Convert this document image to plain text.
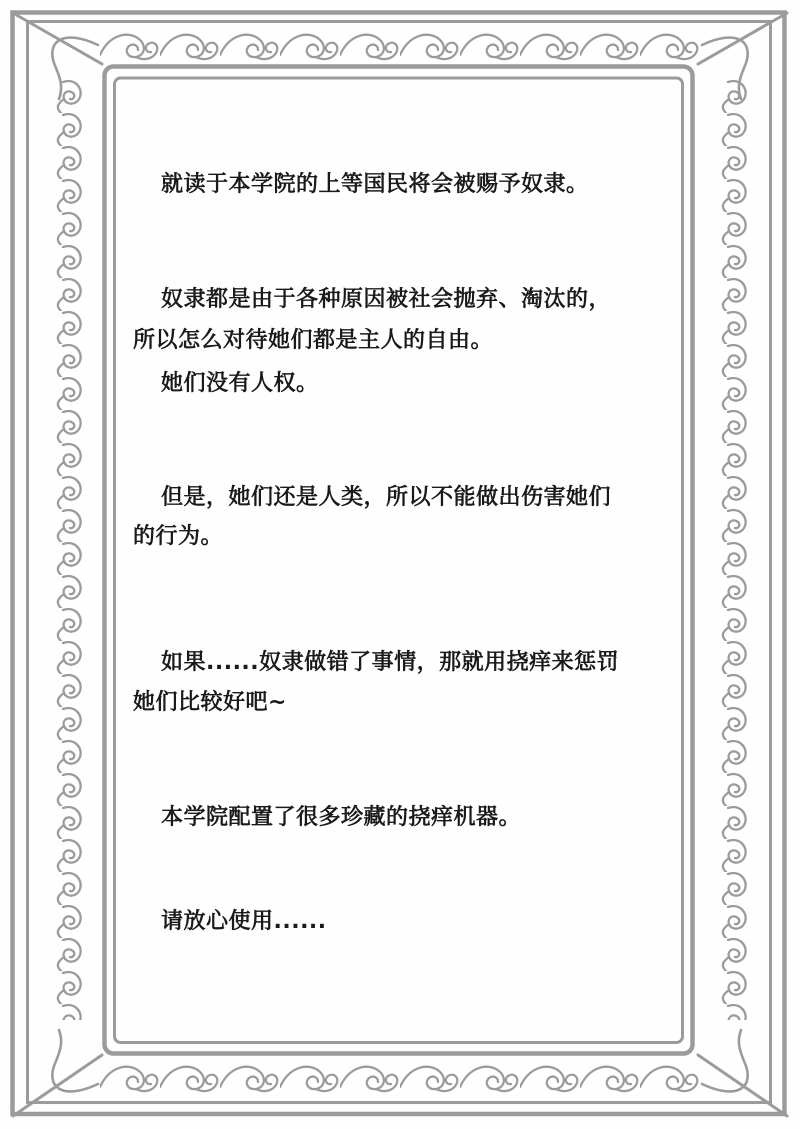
就读于本学院的上等国民将会被赐予奴隶。
奴隶都是由于各种原因被社会抛弃、淘汰的，
所以怎么对待她们都是主人的自由。
她们没有人权。
但是，她们还是人类，所以不能做出伤害她们
的行为。
如果......奴隶做错了事情，那就用挠痒来惩罚
她们比较好吧~
本学院配置了很多珍藏的挠痒机器。
请放心使用......
